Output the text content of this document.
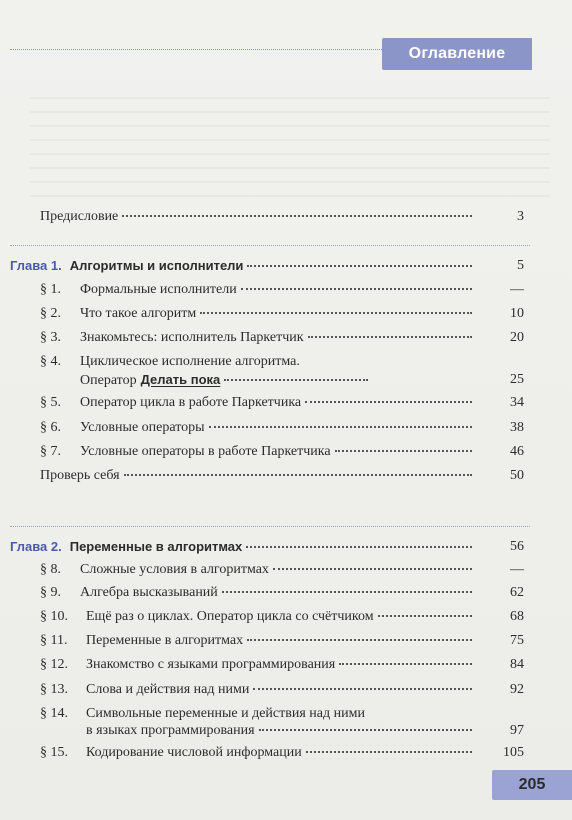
Оглавление
Предисловие	3
Глава 1. Алгоритмы и исполнители	5
§ 1.	Формальные исполнители	—
§ 2.	Что такое алгоритм	10
§ 3.	Знакомьтесь: исполнитель Паркетчик	20
§ 4.	Циклическое исполнение алгоритма.
Оператор Делать пока	25
§ 5.	Оператор цикла в работе Паркетчика	34
§ 6.	Условные операторы	38
§ 7.	Условные операторы в работе Паркетчика	46
Проверь себя	50
Глава 2. Переменные в алгоритмах	56
§ 8.	Сложные условия в алгоритмах	—
§ 9.	Алгебра высказываний	62
§ 10.	Ещё раз о циклах. Оператор цикла со счётчиком	68
§ 11.	Переменные в алгоритмах	75
§ 12.	Знакомство с языками программирования	84
§ 13.	Слова и действия над ними	92
§ 14.	Символьные переменные и действия над ними
в языках программирования	97
§ 15.	Кодирование числовой информации	105
205
